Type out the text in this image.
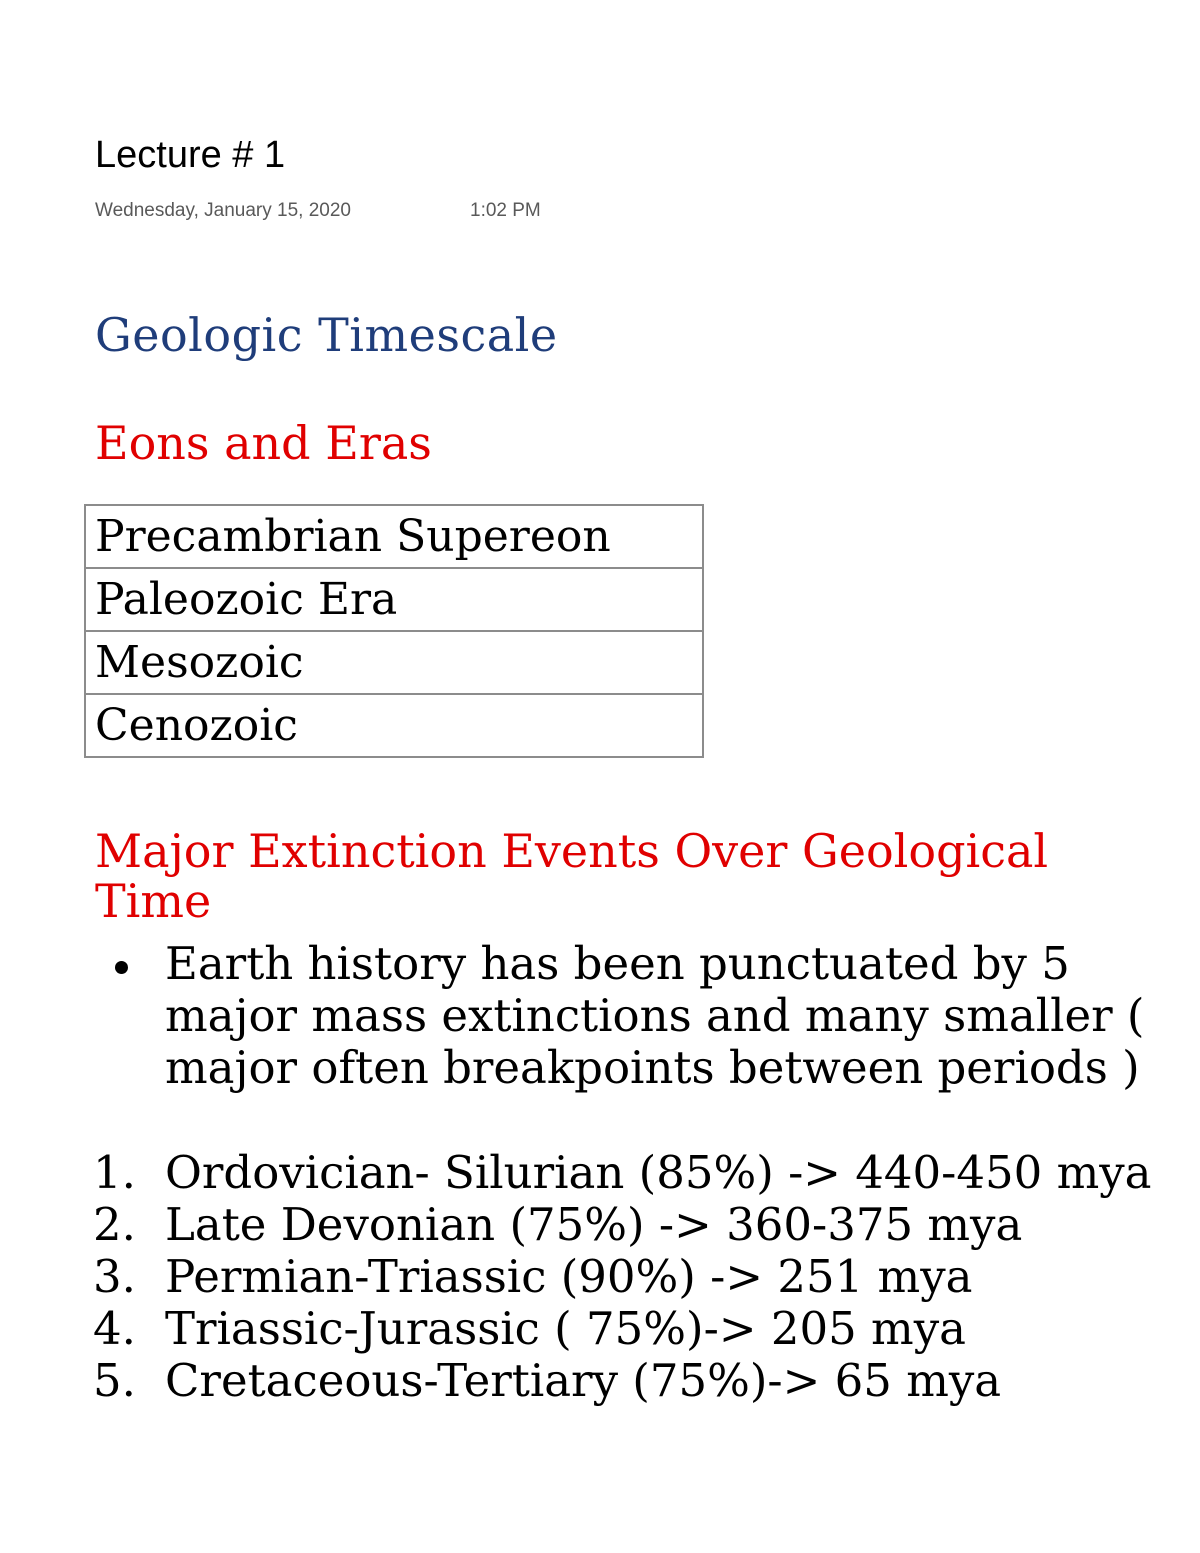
Lecture # 1
Wednesday, January 15, 2020	1:02 PM
Geologic Timescale
Eons and Eras
Precambrian Supereon
Paleozoic Era
Mesozoic
Cenozoic
Major Extinction Events Over Geological Time
Earth history has been punctuated by 5 major mass extinctions and many smaller ( major often breakpoints between periods )
1. Ordovician- Silurian (85%) -> 440-450 mya
2. Late Devonian (75%) -> 360-375 mya
3. Permian-Triassic (90%) -> 251 mya
4. Triassic-Jurassic ( 75%)-> 205 mya
5. Cretaceous-Tertiary (75%)-> 65 mya
